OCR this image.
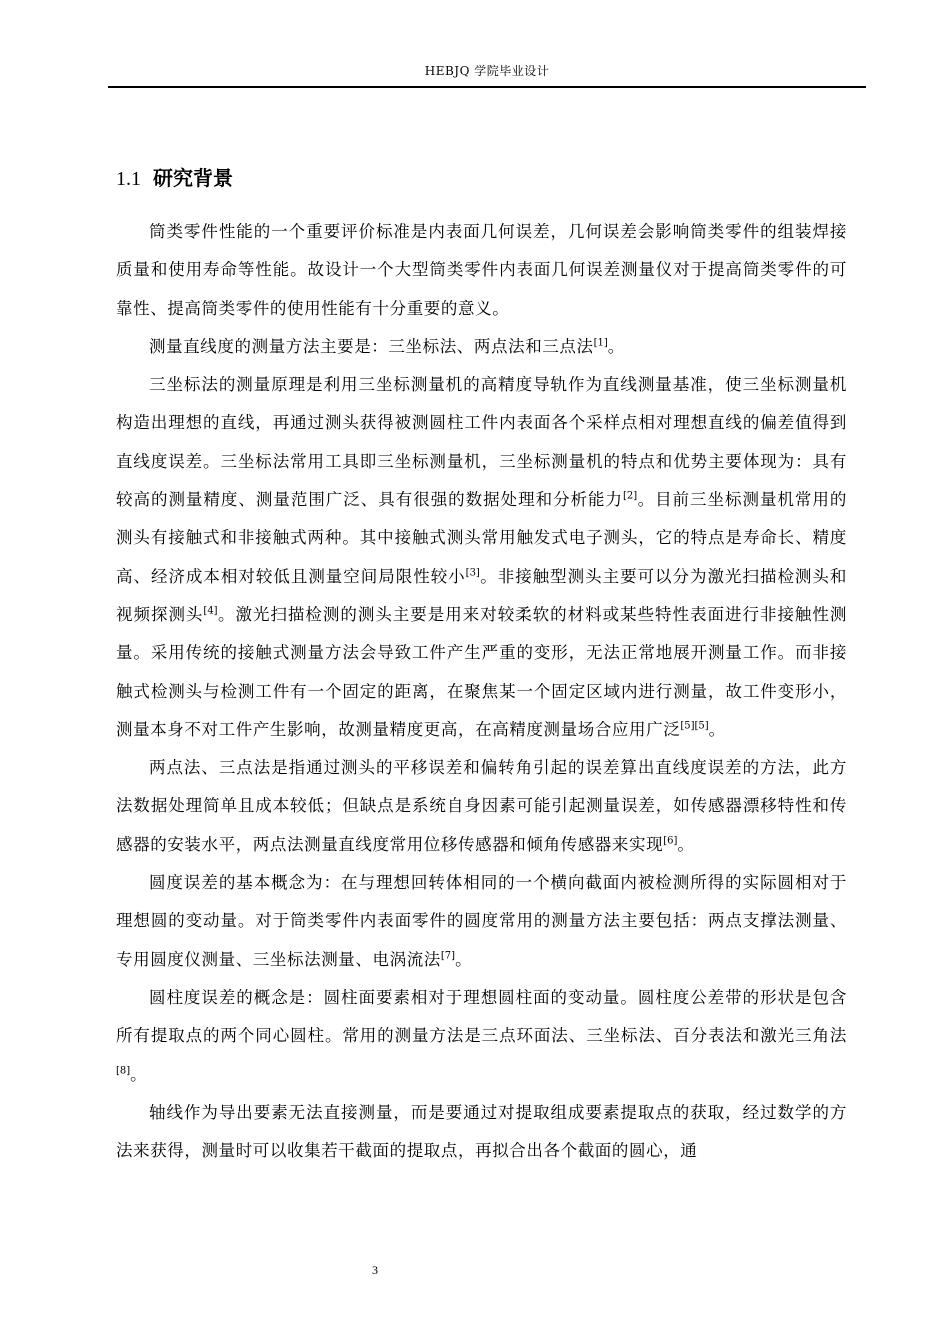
HEBJQ 学院毕业设计
1.1 研究背景

筒类零件性能的一个重要评价标准是内表面几何误差，几何误差会影响筒类零件的组装焊接质量和使用寿命等性能。故设计一个大型筒类零件内表面几何误差测量仪对于提高筒类零件的可靠性、提高筒类零件的使用性能有十分重要的意义。

测量直线度的测量方法主要是：三坐标法、两点法和三点法[1]。

三坐标法的测量原理是利用三坐标测量机的高精度导轨作为直线测量基准，使三坐标测量机构造出理想的直线，再通过测头获得被测圆柱工件内表面各个采样点相对理想直线的偏差值得到直线度误差。三坐标法常用工具即三坐标测量机，三坐标测量机的特点和优势主要体现为：具有较高的测量精度、测量范围广泛、具有很强的数据处理和分析能力[2]。目前三坐标测量机常用的测头有接触式和非接触式两种。其中接触式测头常用触发式电子测头，它的特点是寿命长、精度高、经济成本相对较低且测量空间局限性较小[3]。非接触型测头主要可以分为激光扫描检测头和视频探测头[4]。激光扫描检测的测头主要是用来对较柔软的材料或某些特性表面进行非接触性测量。采用传统的接触式测量方法会导致工件产生严重的变形，无法正常地展开测量工作。而非接触式检测头与检测工件有一个固定的距离，在聚焦某一个固定区域内进行测量，故工件变形小，测量本身不对工件产生影响，故测量精度更高，在高精度测量场合应用广泛[5][5]。

两点法、三点法是指通过测头的平移误差和偏转角引起的误差算出直线度误差的方法，此方法数据处理简单且成本较低；但缺点是系统自身因素可能引起测量误差，如传感器漂移特性和传感器的安装水平，两点法测量直线度常用位移传感器和倾角传感器来实现[6]。

圆度误差的基本概念为：在与理想回转体相同的一个横向截面内被检测所得的实际圆相对于理想圆的变动量。对于筒类零件内表面零件的圆度常用的测量方法主要包括：两点支撑法测量、专用圆度仪测量、三坐标法测量、电涡流法[7]。

圆柱度误差的概念是：圆柱面要素相对于理想圆柱面的变动量。圆柱度公差带的形状是包含所有提取点的两个同心圆柱。常用的测量方法是三点环面法、三坐标法、百分表法和激光三角法[8]。

轴线作为导出要素无法直接测量，而是要通过对提取组成要素提取点的获取，经过数学的方法来获得，测量时可以收集若干截面的提取点，再拟合出各个截面的圆心，通

3
